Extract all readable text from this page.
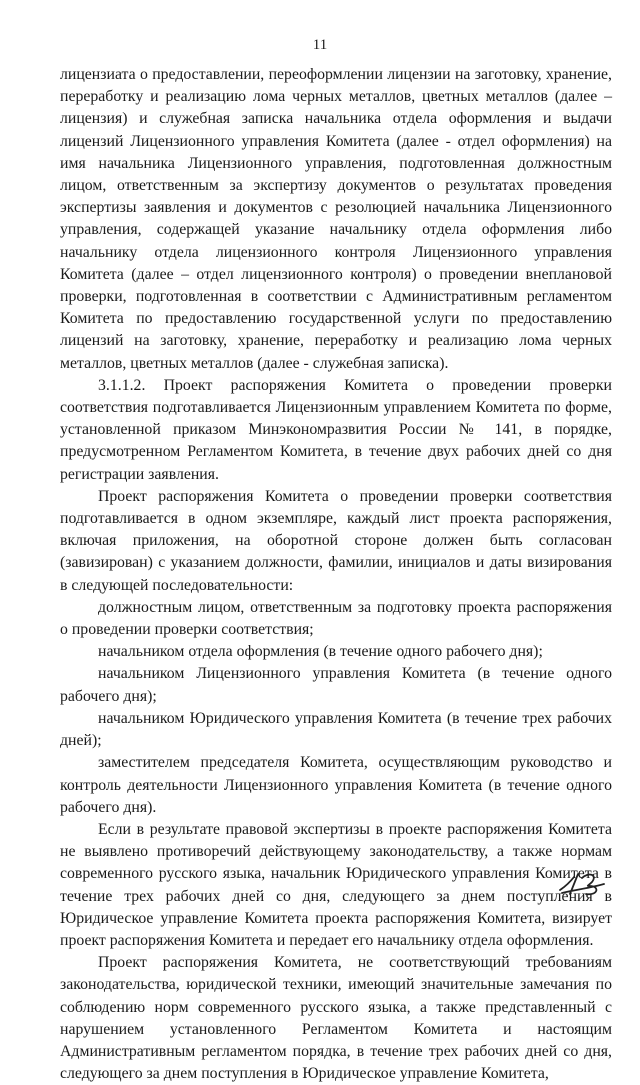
11

лицензиата о предоставлении, переоформлении лицензии на заготовку, хранение, переработку и реализацию лома черных металлов, цветных металлов (далее – лицензия) и служебная записка начальника отдела оформления и выдачи лицензий Лицензионного управления Комитета (далее - отдел оформления) на имя начальника Лицензионного управления, подготовленная должностным лицом, ответственным за экспертизу документов о результатах проведения экспертизы заявления и документов с резолюцией начальника Лицензионного управления, содержащей указание начальнику отдела оформления либо начальнику отдела лицензионного контроля Лицензионного управления Комитета (далее – отдел лицензионного контроля) о проведении внеплановой проверки, подготовленная в соответствии с Административным регламентом Комитета по предоставлению государственной услуги по предоставлению лицензий на заготовку, хранение, переработку и реализацию лома черных металлов, цветных металлов (далее - служебная записка).

3.1.1.2. Проект распоряжения Комитета о проведении проверки соответствия подготавливается Лицензионным управлением Комитета по форме, установленной приказом Минэкономразвития России № 141, в порядке, предусмотренном Регламентом Комитета, в течение двух рабочих дней со дня регистрации заявления.

Проект распоряжения Комитета о проведении проверки соответствия подготавливается в одном экземпляре, каждый лист проекта распоряжения, включая приложения, на оборотной стороне должен быть согласован (завизирован) с указанием должности, фамилии, инициалов и даты визирования в следующей последовательности:

должностным лицом, ответственным за подготовку проекта распоряжения о проведении проверки соответствия;

начальником отдела оформления (в течение одного рабочего дня);

начальником Лицензионного управления Комитета (в течение одного рабочего дня);

начальником Юридического управления Комитета (в течение трех рабочих дней);

заместителем председателя Комитета, осуществляющим руководство и контроль деятельности Лицензионного управления Комитета (в течение одного рабочего дня).

Если в результате правовой экспертизы в проекте распоряжения Комитета не выявлено противоречий действующему законодательству, а также нормам современного русского языка, начальник Юридического управления Комитета в течение трех рабочих дней со дня, следующего за днем поступления в Юридическое управление Комитета проекта распоряжения Комитета, визирует проект распоряжения Комитета и передает его начальнику отдела оформления.

Проект распоряжения Комитета, не соответствующий требованиям законодательства, юридической техники, имеющий значительные замечания по соблюдению норм современного русского языка, а также представленный с нарушением установленного Регламентом Комитета и настоящим Административным регламентом порядка, в течение трех рабочих дней со дня, следующего за днем поступления в Юридическое управление Комитета,
